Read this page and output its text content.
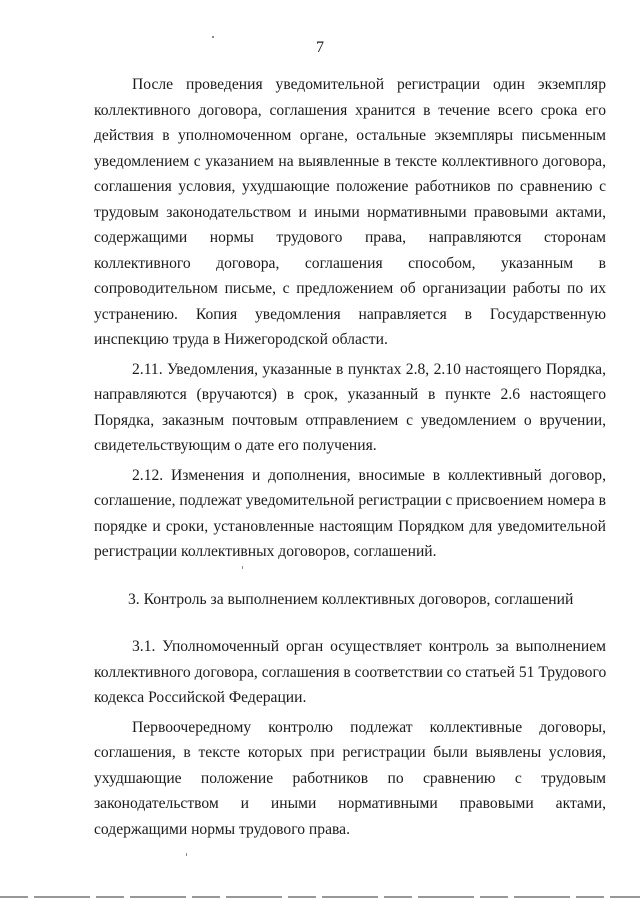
7
После проведения уведомительной регистрации один экземпляр
коллективного договора, соглашения хранится в течение всего срока его
действия в уполномоченном органе, остальные экземпляры письменным
уведомлением с указанием на выявленные в тексте коллективного договора,
соглашения условия, ухудшающие положение работников по сравнению с
трудовым законодательством и иными нормативными правовыми актами,
содержащими нормы трудового права, направляются сторонам
коллективного договора, соглашения способом, указанным в
сопроводительном письме, с предложением об организации работы по их
устранению. Копия уведомления направляется в Государственную
инспекцию труда в Нижегородской области.
2.11. Уведомления, указанные в пунктах 2.8, 2.10 настоящего Порядка,
направляются (вручаются) в срок, указанный в пункте 2.6 настоящего
Порядка, заказным почтовым отправлением с уведомлением о вручении,
свидетельствующим о дате его получения.
2.12. Изменения и дополнения, вносимые в коллективный договор,
соглашение, подлежат уведомительной регистрации с присвоением номера в
порядке и сроки, установленные настоящим Порядком для уведомительной
регистрации коллективных договоров, соглашений.
3. Контроль за выполнением коллективных договоров, соглашений
3.1. Уполномоченный орган осуществляет контроль за выполнением
коллективного договора, соглашения в соответствии со статьей 51 Трудового
кодекса Российской Федерации.
Первоочередному контролю подлежат коллективные договоры,
соглашения, в тексте которых при регистрации были выявлены условия,
ухудшающие положение работников по сравнению с трудовым
законодательством и иными нормативными правовыми актами,
содержащими нормы трудового права.
